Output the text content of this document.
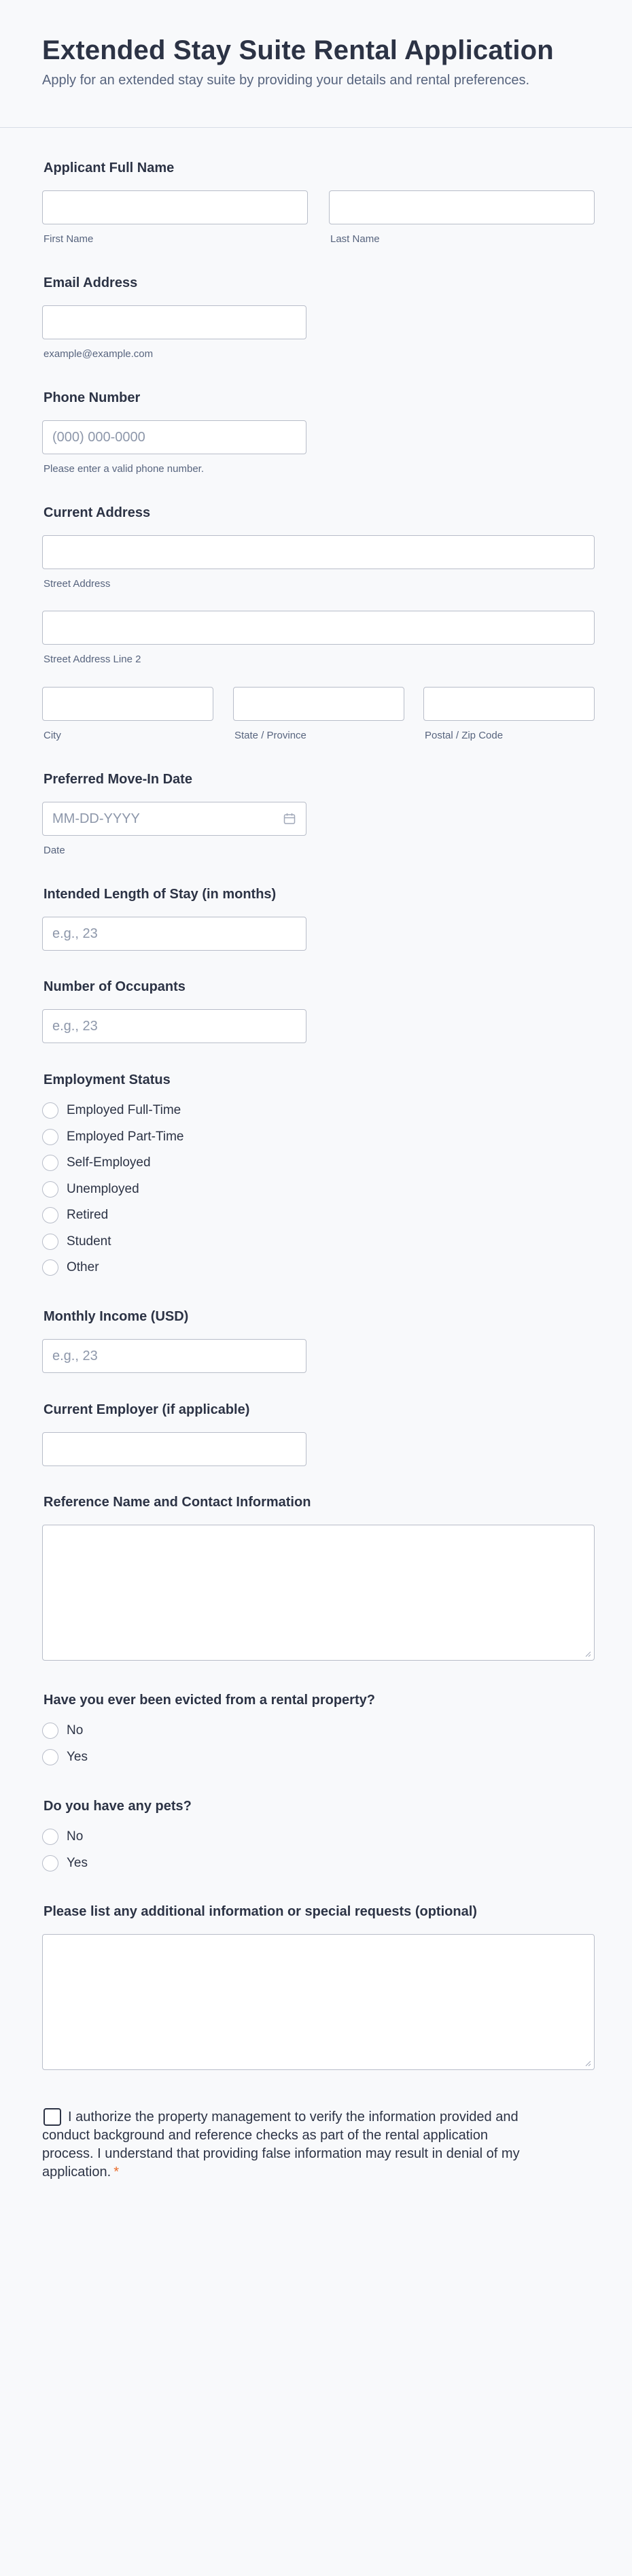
Extended Stay Suite Rental Application
Apply for an extended stay suite by providing your details and rental preferences.
Applicant Full Name
First Name	Last Name
Email Address
example@example.com
Phone Number
(000) 000-0000
Please enter a valid phone number.
Current Address
Street Address
Street Address Line 2
City	State / Province	Postal / Zip Code
Preferred Move-In Date
MM-DD-YYYY
Date
Intended Length of Stay (in months)
e.g., 23
Number of Occupants
e.g., 23
Employment Status
Employed Full-Time
Employed Part-Time
Self-Employed
Unemployed
Retired
Student
Other
Monthly Income (USD)
e.g., 23
Current Employer (if applicable)
Reference Name and Contact Information
Have you ever been evicted from a rental property?
No
Yes
Do you have any pets?
No
Yes
Please list any additional information or special requests (optional)
I authorize the property management to verify the information provided and conduct background and reference checks as part of the rental application process. I understand that providing false information may result in denial of my application. *
